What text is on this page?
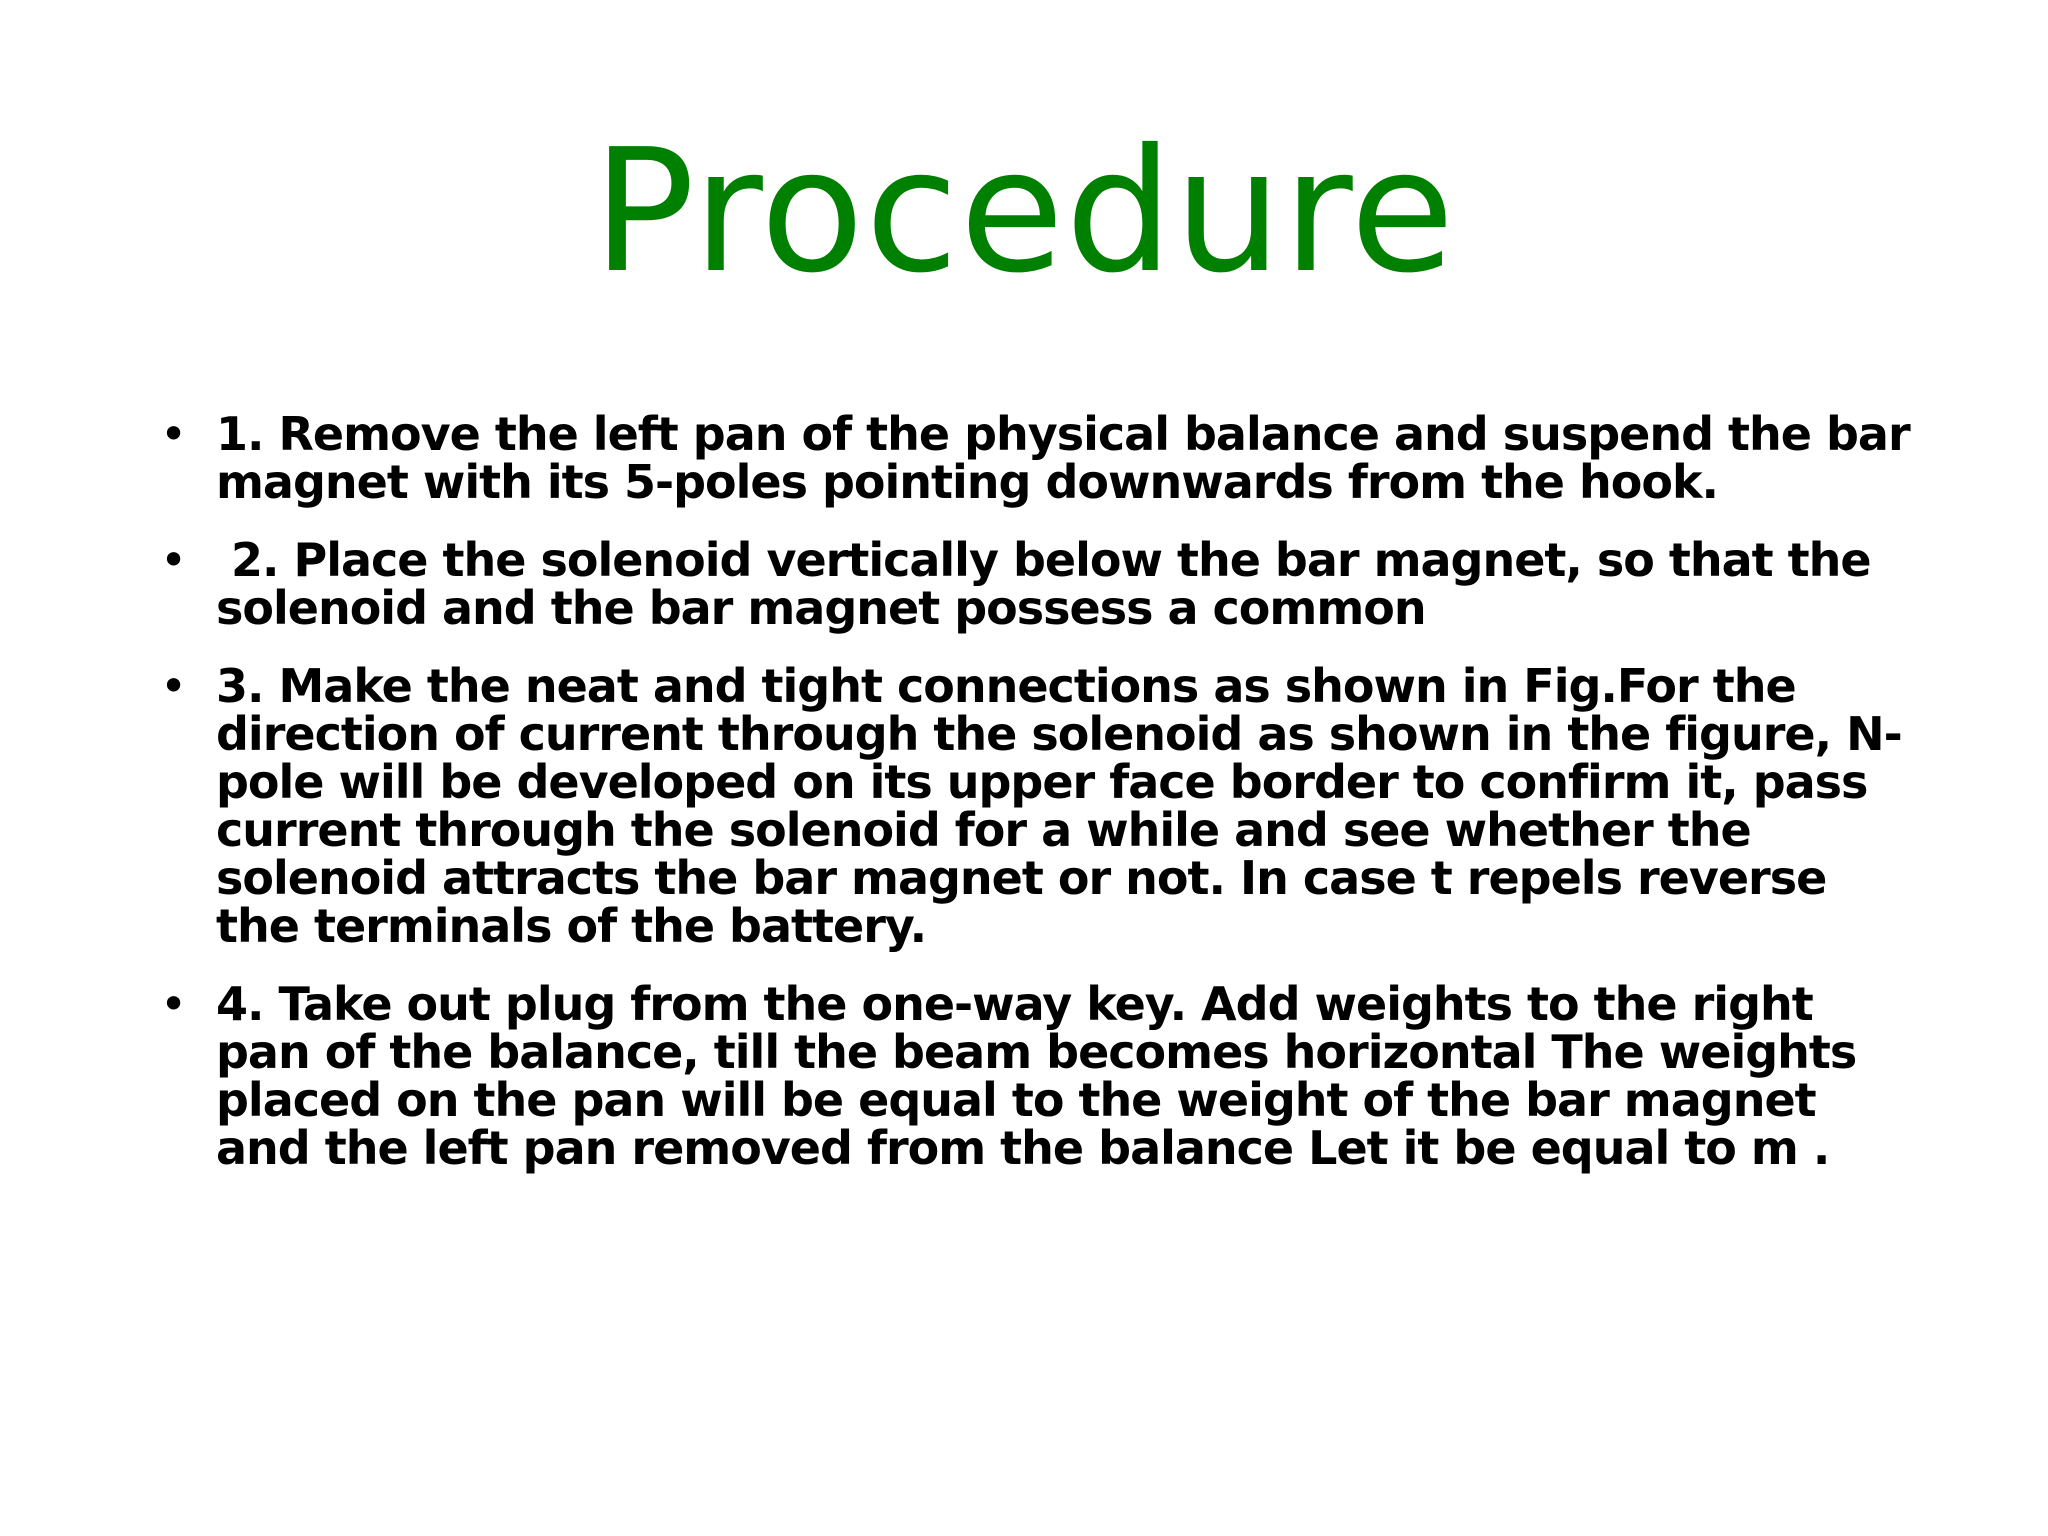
Procedure
• 1. Remove the left pan of the physical balance and suspend the bar magnet with its 5-poles pointing downwards from the hook.
• 2. Place the solenoid vertically below the bar magnet, so that the solenoid and the bar magnet possess a common
• 3. Make the neat and tight connections as shown in Fig.For the direction of current through the solenoid as shown in the figure, N-pole will be developed on its upper face border to confirm it, pass current through the solenoid for a while and see whether the solenoid attracts the bar magnet or not. In case t repels reverse the terminals of the battery.
• 4. Take out plug from the one-way key. Add weights to the right pan of the balance, till the beam becomes horizontal The weights placed on the pan will be equal to the weight of the bar magnet and the left pan removed from the balance Let it be equal to m .
